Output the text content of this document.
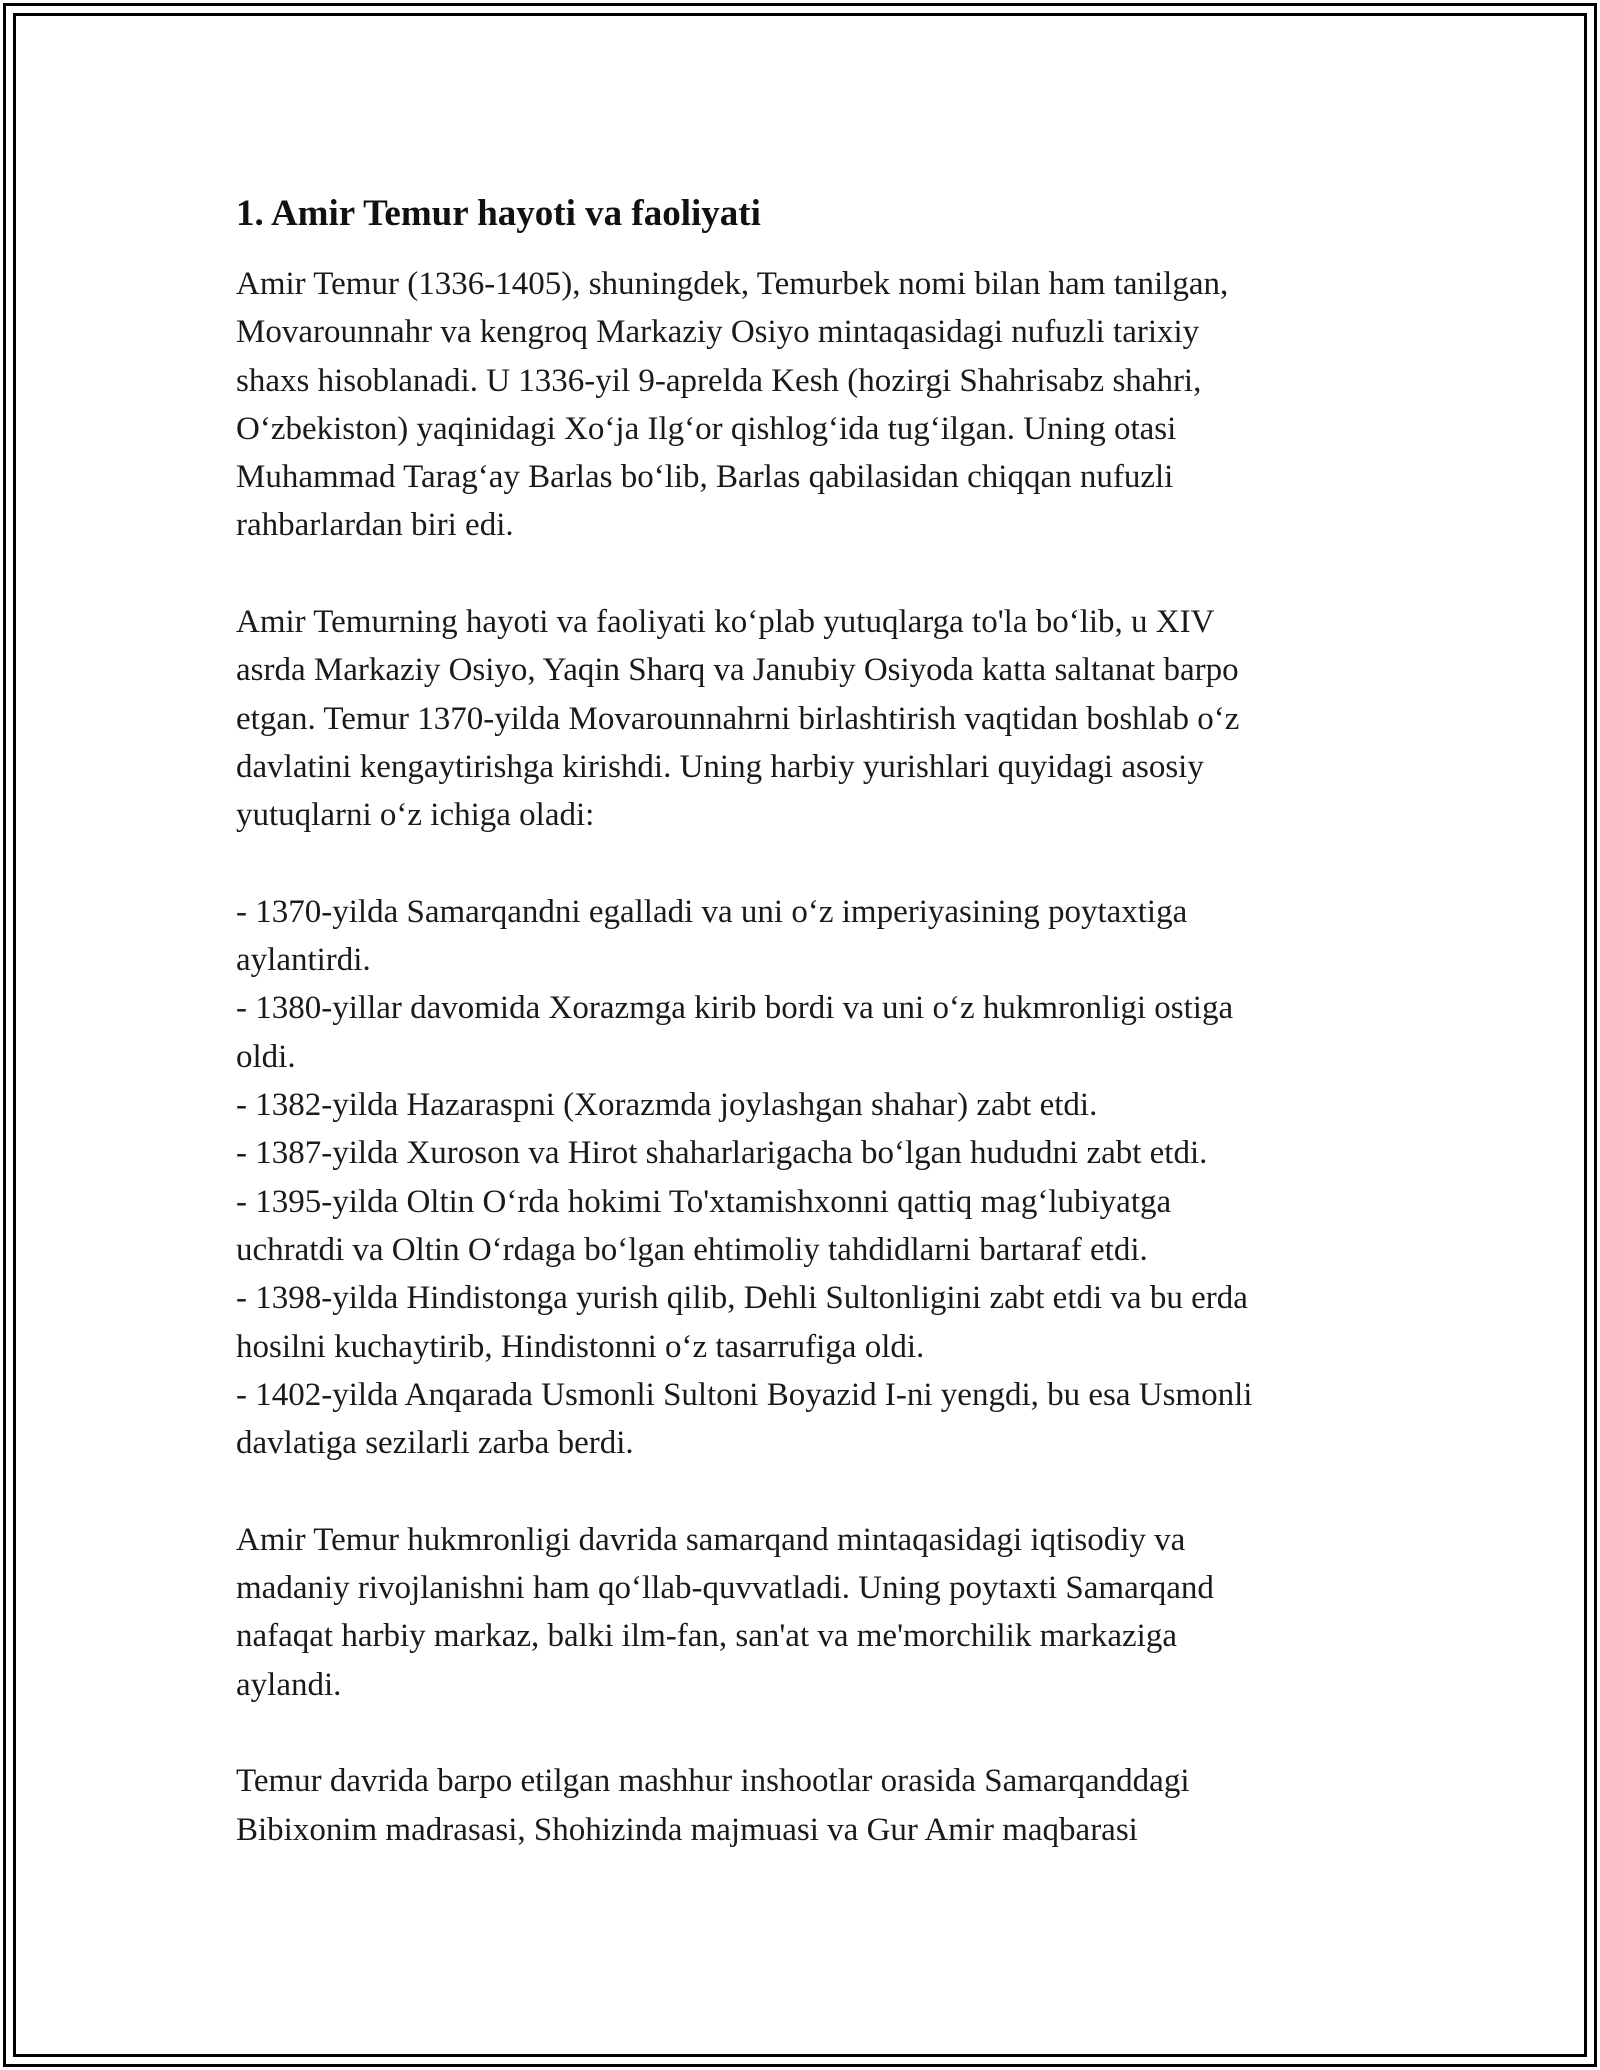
1. Amir Temur hayoti va faoliyati

Amir Temur (1336-1405), shuningdek, Temurbek nomi bilan ham tanilgan,
Movarounnahr va kengroq Markaziy Osiyo mintaqasidagi nufuzli tarixiy
shaxs hisoblanadi. U 1336-yil 9-aprelda Kesh (hozirgi Shahrisabz shahri,
O‘zbekiston) yaqinidagi Xo‘ja Ilg‘or qishlog‘ida tug‘ilgan. Uning otasi
Muhammad Tarag‘ay Barlas bo‘lib, Barlas qabilasidan chiqqan nufuzli
rahbarlardan biri edi.

Amir Temurning hayoti va faoliyati ko‘plab yutuqlarga to'la bo‘lib, u XIV
asrda Markaziy Osiyo, Yaqin Sharq va Janubiy Osiyoda katta saltanat barpo
etgan. Temur 1370-yilda Movarounnahrni birlashtirish vaqtidan boshlab o‘z
davlatini kengaytirishga kirishdi. Uning harbiy yurishlari quyidagi asosiy
yutuqlarni o‘z ichiga oladi:

- 1370-yilda Samarqandni egalladi va uni o‘z imperiyasining poytaxtiga
aylantirdi.
- 1380-yillar davomida Xorazmga kirib bordi va uni o‘z hukmronligi ostiga
oldi.
- 1382-yilda Hazaraspni (Xorazmda joylashgan shahar) zabt etdi.
- 1387-yilda Xuroson va Hirot shaharlarigacha bo‘lgan hududni zabt etdi.
- 1395-yilda Oltin O‘rda hokimi To'xtamishxonni qattiq mag‘lubiyatga
uchratdi va Oltin O‘rdaga bo‘lgan ehtimoliy tahdidlarni bartaraf etdi.
- 1398-yilda Hindistonga yurish qilib, Dehli Sultonligini zabt etdi va bu erda
hosilni kuchaytirib, Hindistonni o‘z tasarrufiga oldi.
- 1402-yilda Anqarada Usmonli Sultoni Boyazid I-ni yengdi, bu esa Usmonli
davlatiga sezilarli zarba berdi.

Amir Temur hukmronligi davrida samarqand mintaqasidagi iqtisodiy va
madaniy rivojlanishni ham qo‘llab-quvvatladi. Uning poytaxti Samarqand
nafaqat harbiy markaz, balki ilm-fan, san'at va me'morchilik markaziga
aylandi.

Temur davrida barpo etilgan mashhur inshootlar orasida Samarqanddagi
Bibixonim madrasasi, Shohizinda majmuasi va Gur Amir maqbarasi
